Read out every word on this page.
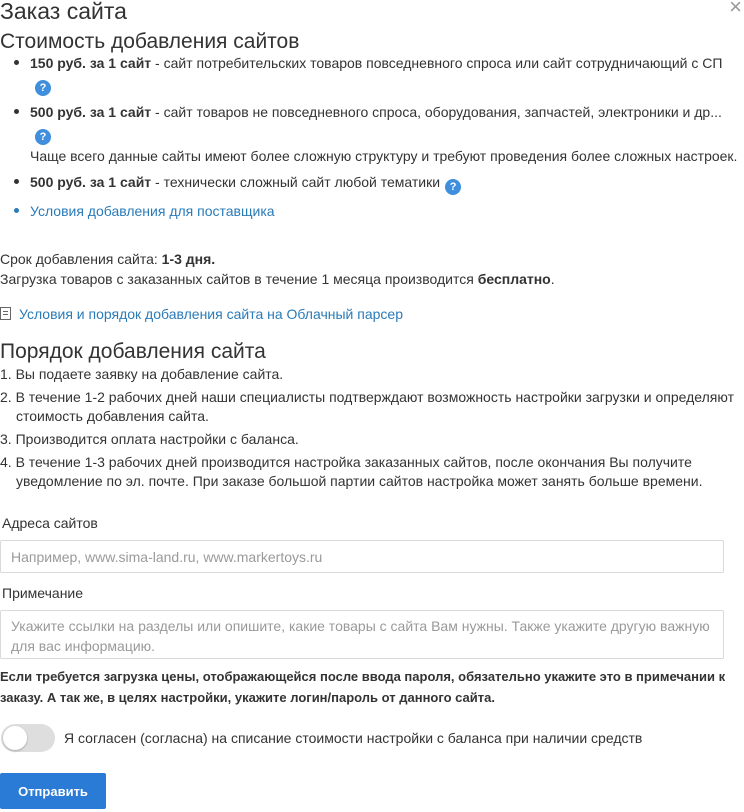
×
Заказ сайта
Стоимость добавления сайтов
150 руб. за 1 сайт - сайт потребительских товаров повседневного спроса или сайт сотрудничающий с СП?
500 руб. за 1 сайт - сайт товаров не повседневного спроса, оборудования, запчастей, электроники и др...?
Чаще всего данные сайты имеют более сложную структуру и требуют проведения более сложных настроек.
500 руб. за 1 сайт - технически сложный сайт любой тематики ?
Условия добавления для поставщика
Срок добавления сайта: 1-3 дня.
Загрузка товаров с заказанных сайтов в течение 1 месяца производится бесплатно.
Условия и порядок добавления сайта на Облачный парсер
Порядок добавления сайта
1. Вы подаете заявку на добавление сайта.
2. В течение 1-2 рабочих дней наши специалисты подтверждают возможность настройки загрузки и определяют стоимость добавления сайта.
3. Производится оплата настройки с баланса.
4. В течение 1-3 рабочих дней производится настройка заказанных сайтов, после окончания Вы получите уведомление по эл. почте. При заказе большой партии сайтов настройка может занять больше времени.
Адреса сайтов
Например, www.sima-land.ru, www.markertoys.ru
Примечание
Укажите ссылки на разделы или опишите, какие товары с сайта Вам нужны. Также укажите другую важную для вас информацию.
Если требуется загрузка цены, отображающейся после ввода пароля, обязательно укажите это в примечании к заказу. А так же, в целях настройки, укажите логин/пароль от данного сайта.
Я согласен (согласна) на списание стоимости настройки с баланса при наличии средств
Отправить
